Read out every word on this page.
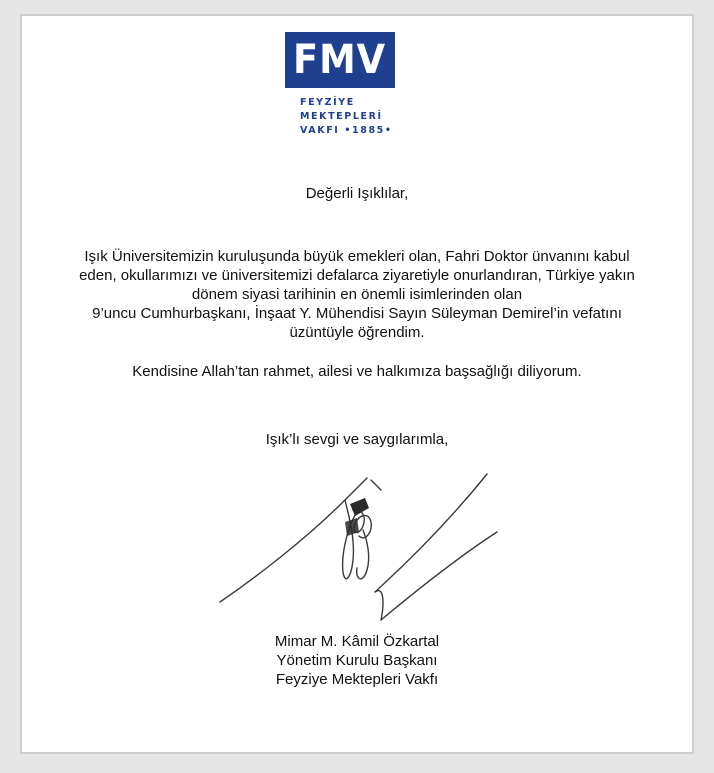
FMV
FEYZİYE
MEKTEPLERİ
VAKFI •1885•
Değerli Işıklılar,
Işık Üniversitemizin kuruluşunda büyük emekleri olan, Fahri Doktor ünvanını kabul
eden, okullarımızı ve üniversitemizi defalarca ziyaretiyle onurlandıran, Türkiye yakın
dönem siyasi tarihinin en önemli isimlerinden olan
9’uncu Cumhurbaşkanı, İnşaat Y. Mühendisi Sayın Süleyman Demirel’in vefatını
üzüntüyle öğrendim.
Kendisine Allah’tan rahmet, ailesi ve halkımıza başsağlığı diliyorum.
Işık’lı sevgi ve saygılarımla,
Mimar M. Kâmil Özkartal
Yönetim Kurulu Başkanı
Feyziye Mektepleri Vakfı
